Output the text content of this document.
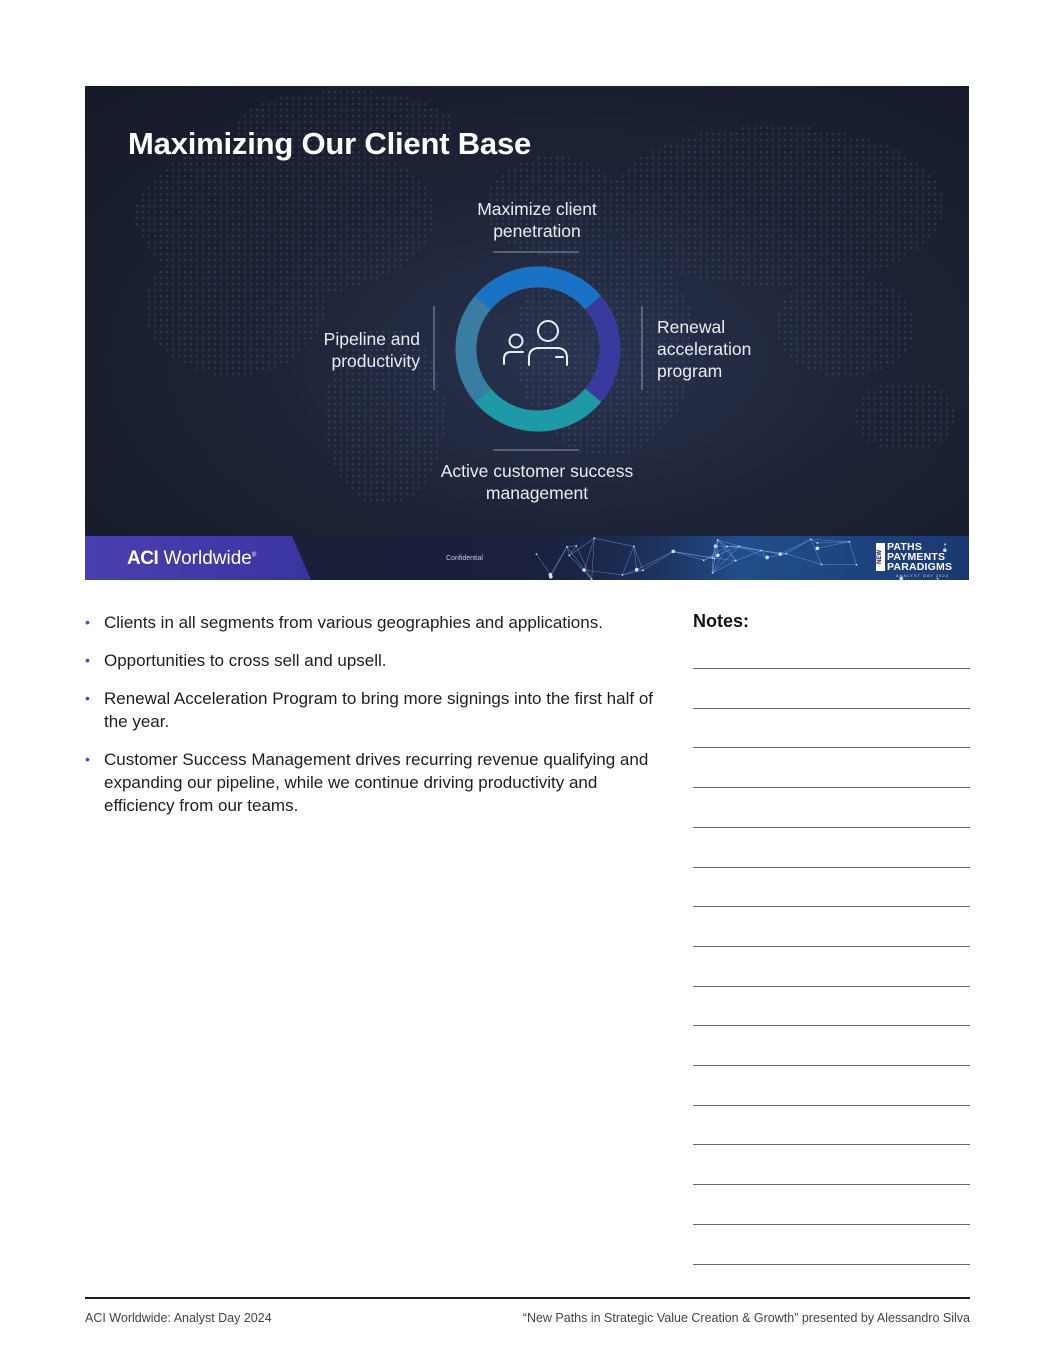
Maximizing Our Client Base
Maximize client penetration
Pipeline and productivity
Renewal acceleration program
Active customer success management
ACI Worldwide®	Confidential	NEW
PATHS
PAYMENTS
PARADIGMS
ANALYST DAY 2024
• Clients in all segments from various geographies and applications.
• Opportunities to cross sell and upsell.
• Renewal Acceleration Program to bring more signings into the first half of the year.
• Customer Success Management drives recurring revenue qualifying and expanding our pipeline, while we continue driving productivity and efficiency from our teams.
Notes:
ACI Worldwide: Analyst Day 2024	“New Paths in Strategic Value Creation & Growth” presented by Alessandro Silva
